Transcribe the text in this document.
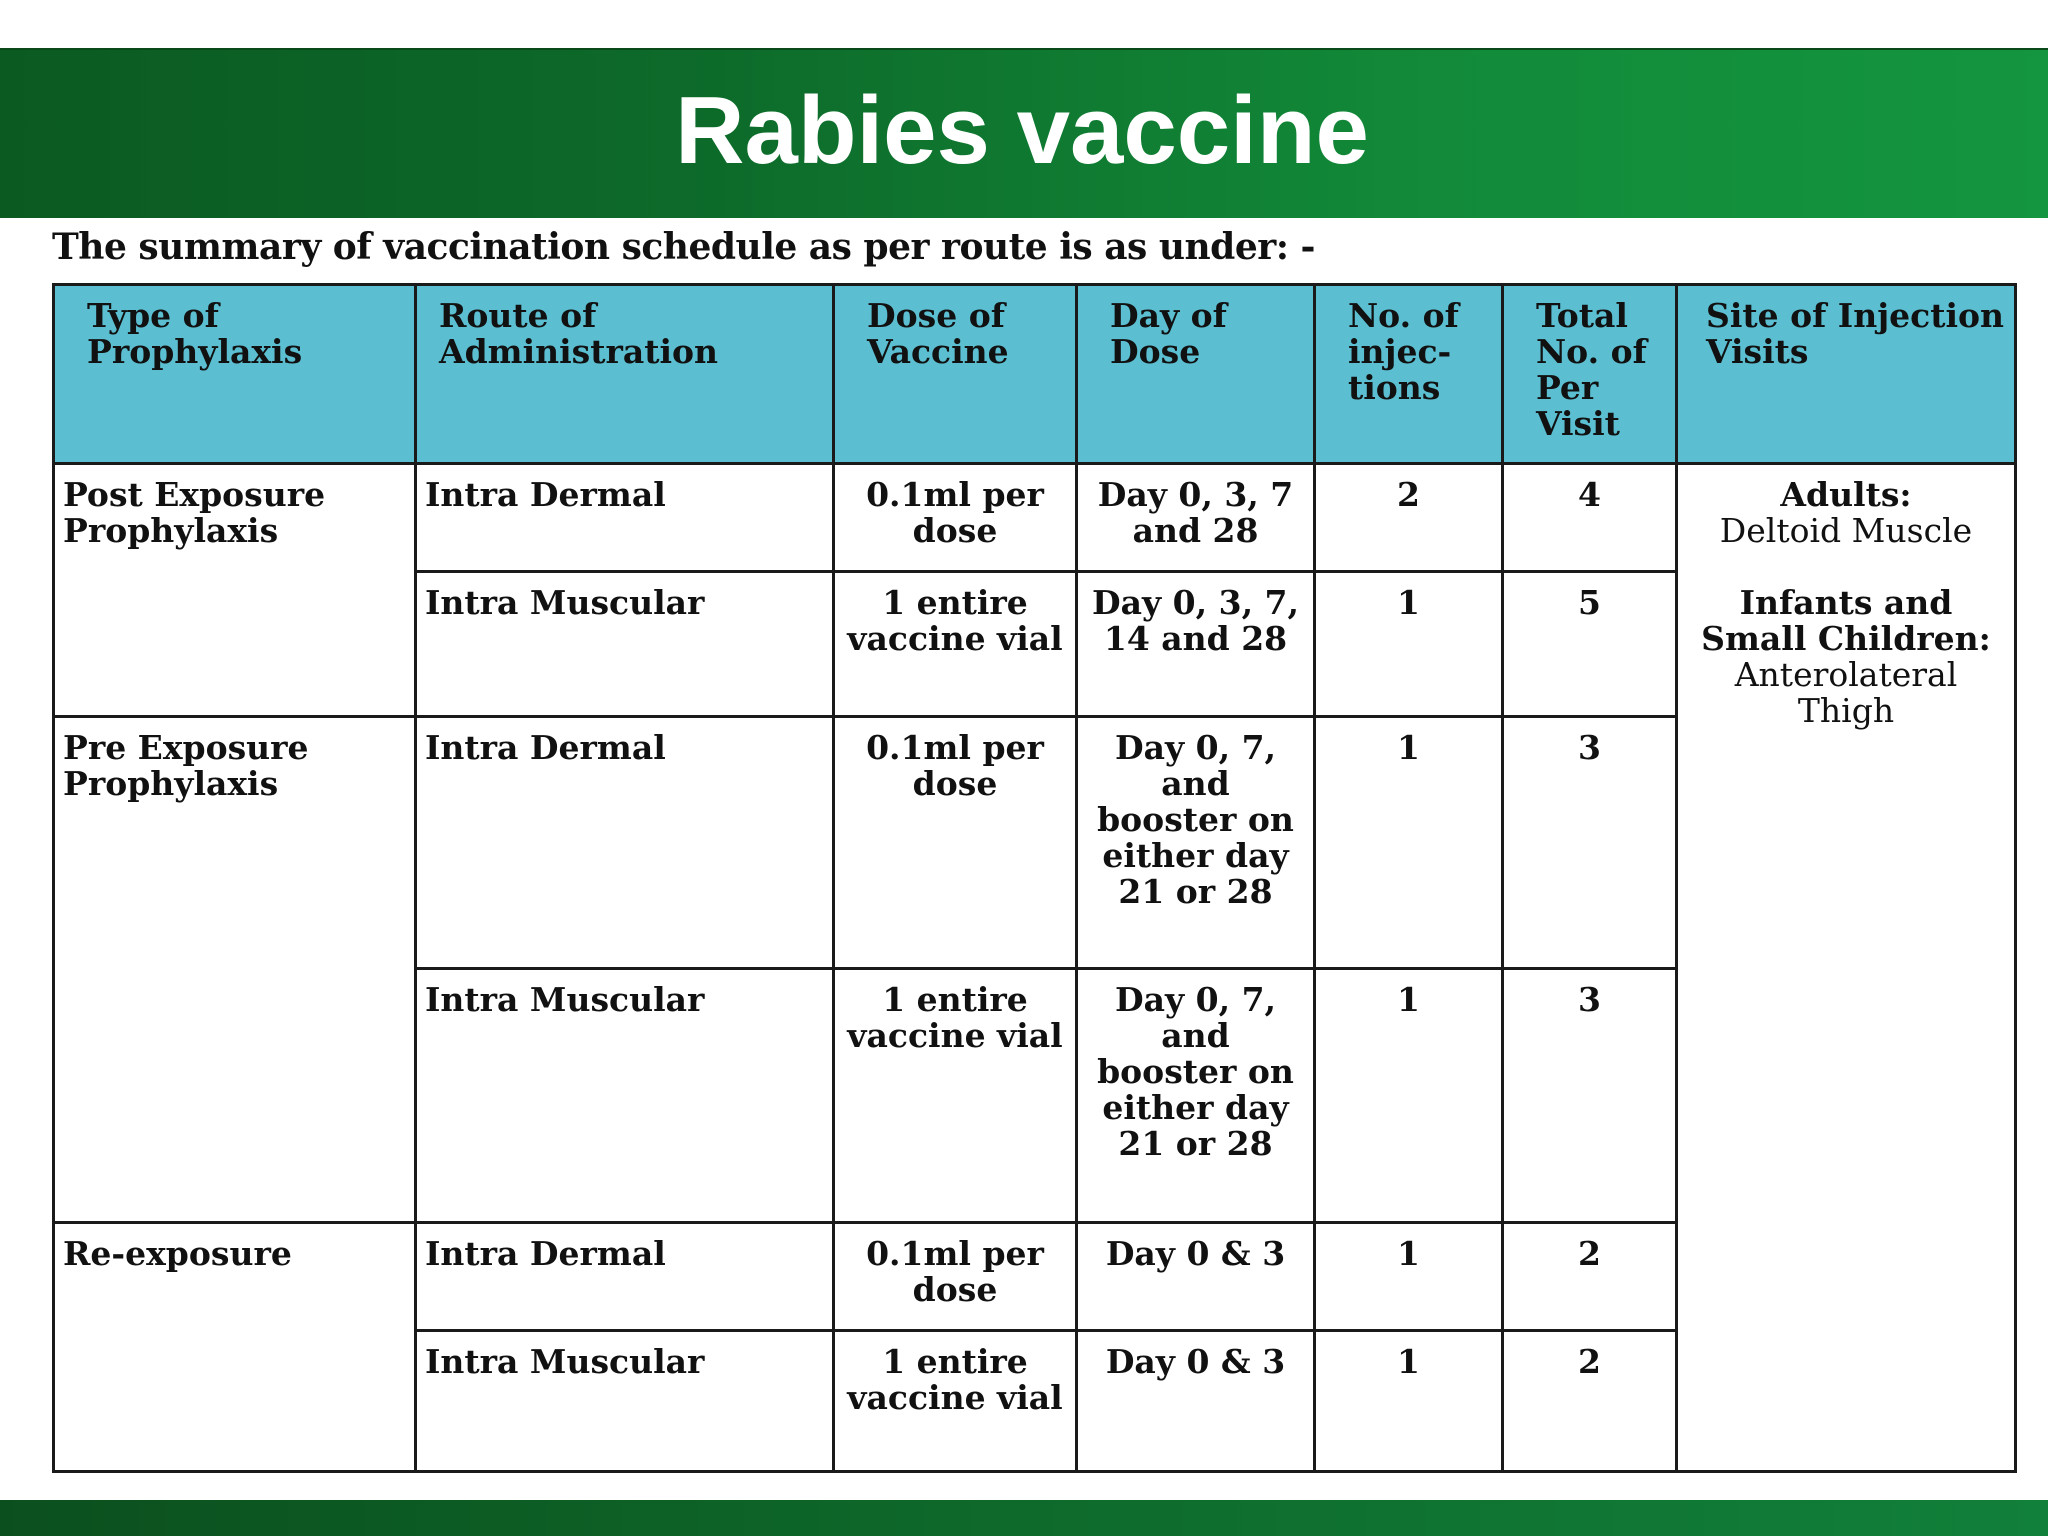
Rabies vaccine
The summary of vaccination schedule as per route is as under: -
Type of Prophylaxis	Route of Administration	Dose of Vaccine	Day of Dose	No. of injec-tions	Total No. of Per Visit	Site of Injection Visits
Post Exposure Prophylaxis	Intra Dermal	0.1ml per dose	Day 0, 3, 7 and 28	2	4	Adults:
Deltoid Muscle
Infants and Small Children:
Anterolateral Thigh

	Intra Muscular	1 entire vaccine vial	Day 0, 3, 7, 14 and 28	1	5	
Pre Exposure Prophylaxis	Intra Dermal	0.1ml per dose	Day 0, 7, and booster on either day 21 or 28	1	3	
	Intra Muscular	1 entire vaccine vial	Day 0, 7, and booster on either day 21 or 28	1	3	
Re-exposure	Intra Dermal	0.1ml per dose	Day 0 & 3	1	2	
	Intra Muscular	1 entire vaccine vial	Day 0 & 3	1	2	
